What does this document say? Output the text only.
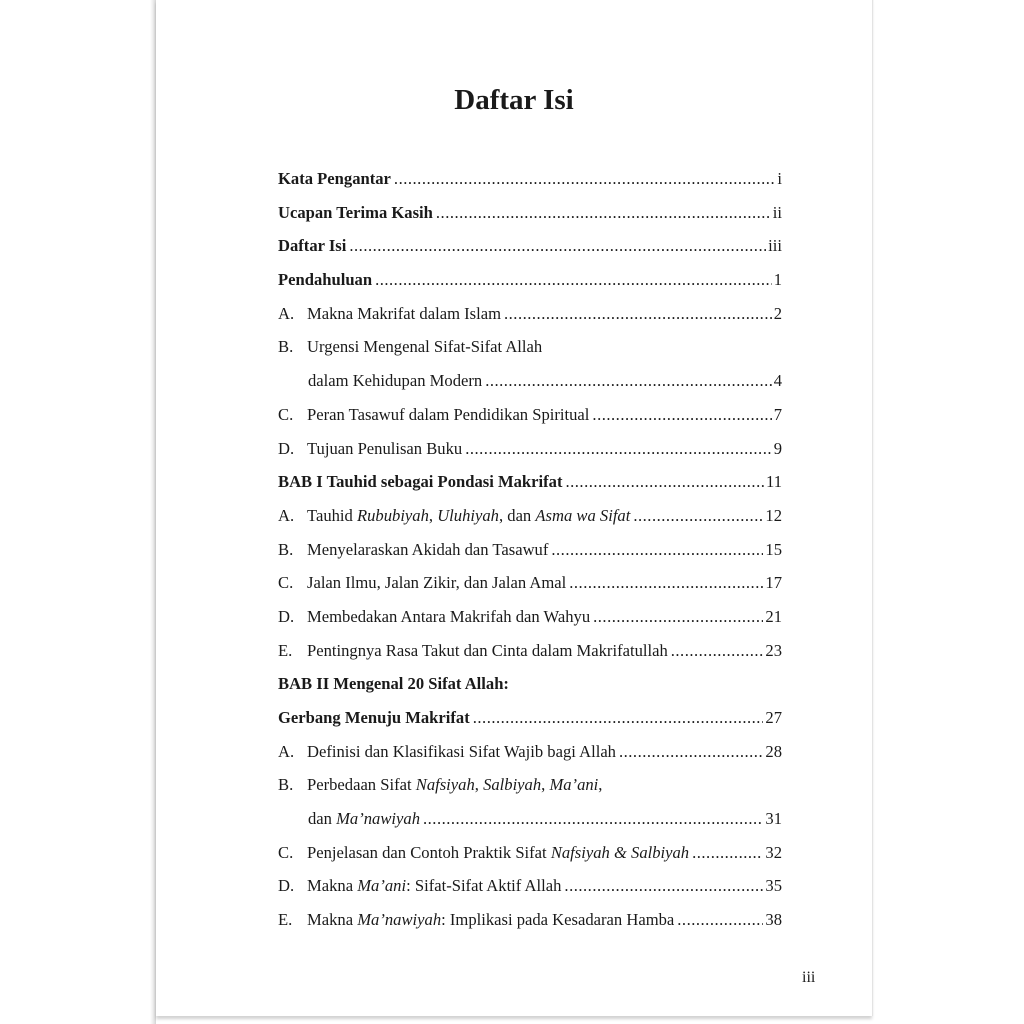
Daftar Isi
Kata Pengantar .....	i
Ucapan Terima Kasih .....	ii
Daftar Isi .....	iii
Pendahuluan .....	1
A. Makna Makrifat dalam Islam .....	2
B. Urgensi Mengenal Sifat-Sifat Allah
dalam Kehidupan Modern .....	4
C. Peran Tasawuf dalam Pendidikan Spiritual .....	7
D. Tujuan Penulisan Buku .....	9
BAB I Tauhid sebagai Pondasi Makrifat .....	11
A. Tauhid Rububiyah, Uluhiyah, dan Asma wa Sifat .....	12
B. Menyelaraskan Akidah dan Tasawuf .....	15
C. Jalan Ilmu, Jalan Zikir, dan Jalan Amal .....	17
D. Membedakan Antara Makrifah dan Wahyu .....	21
E. Pentingnya Rasa Takut dan Cinta dalam Makrifatullah .....	23
BAB II Mengenal 20 Sifat Allah:
Gerbang Menuju Makrifat .....	27
A. Definisi dan Klasifikasi Sifat Wajib bagi Allah .....	28
B. Perbedaan Sifat Nafsiyah, Salbiyah, Ma’ani,
dan Ma’nawiyah .....	31
C. Penjelasan dan Contoh Praktik Sifat Nafsiyah & Salbiyah .....	32
D. Makna Ma’ani: Sifat-Sifat Aktif Allah .....	35
E. Makna Ma’nawiyah: Implikasi pada Kesadaran Hamba .....	38
iii
